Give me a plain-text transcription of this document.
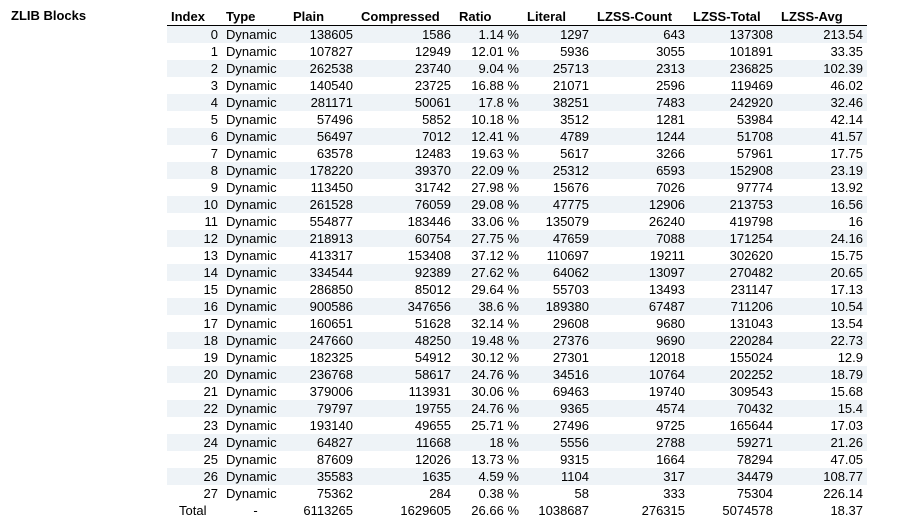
ZLIB Blocks	Index	Type	Plain	Compressed	Ratio	Literal	LZSS-Count	LZSS-Total	LZSS-Avg
0	Dynamic	138605	1586	1.14 %	1297	643	137308	213.54
1	Dynamic	107827	12949	12.01 %	5936	3055	101891	33.35
2	Dynamic	262538	23740	9.04 %	25713	2313	236825	102.39
3	Dynamic	140540	23725	16.88 %	21071	2596	119469	46.02
4	Dynamic	281171	50061	17.8 %	38251	7483	242920	32.46
5	Dynamic	57496	5852	10.18 %	3512	1281	53984	42.14
6	Dynamic	56497	7012	12.41 %	4789	1244	51708	41.57
7	Dynamic	63578	12483	19.63 %	5617	3266	57961	17.75
8	Dynamic	178220	39370	22.09 %	25312	6593	152908	23.19
9	Dynamic	113450	31742	27.98 %	15676	7026	97774	13.92
10	Dynamic	261528	76059	29.08 %	47775	12906	213753	16.56
11	Dynamic	554877	183446	33.06 %	135079	26240	419798	16
12	Dynamic	218913	60754	27.75 %	47659	7088	171254	24.16
13	Dynamic	413317	153408	37.12 %	110697	19211	302620	15.75
14	Dynamic	334544	92389	27.62 %	64062	13097	270482	20.65
15	Dynamic	286850	85012	29.64 %	55703	13493	231147	17.13
16	Dynamic	900586	347656	38.6 %	189380	67487	711206	10.54
17	Dynamic	160651	51628	32.14 %	29608	9680	131043	13.54
18	Dynamic	247660	48250	19.48 %	27376	9690	220284	22.73
19	Dynamic	182325	54912	30.12 %	27301	12018	155024	12.9
20	Dynamic	236768	58617	24.76 %	34516	10764	202252	18.79
21	Dynamic	379006	113931	30.06 %	69463	19740	309543	15.68
22	Dynamic	79797	19755	24.76 %	9365	4574	70432	15.4
23	Dynamic	193140	49655	25.71 %	27496	9725	165644	17.03
24	Dynamic	64827	11668	18 %	5556	2788	59271	21.26
25	Dynamic	87609	12026	13.73 %	9315	1664	78294	47.05
26	Dynamic	35583	1635	4.59 %	1104	317	34479	108.77
27	Dynamic	75362	284	0.38 %	58	333	75304	226.14
Total	-	6113265	1629605	26.66 %	1038687	276315	5074578	18.37
